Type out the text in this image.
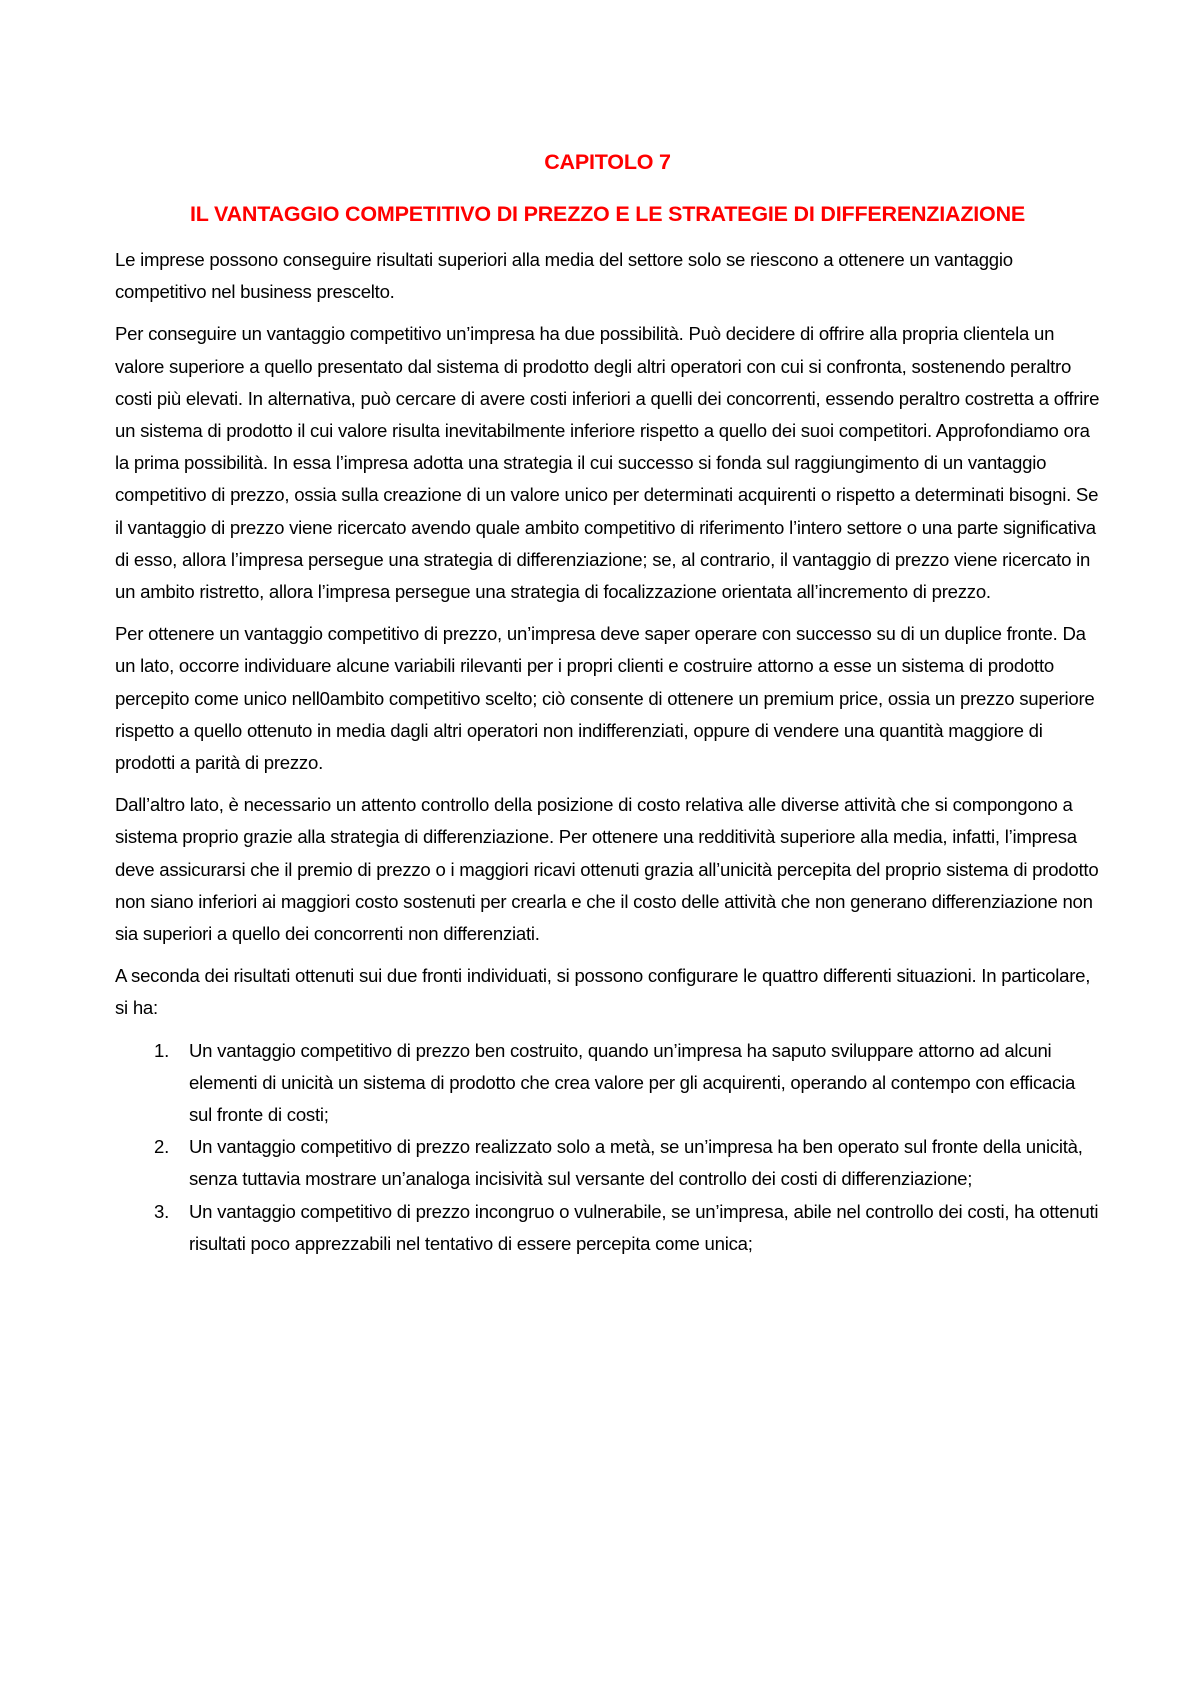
CAPITOLO 7
IL VANTAGGIO COMPETITIVO DI PREZZO E LE STRATEGIE DI DIFFERENZIAZIONE

Le imprese possono conseguire risultati superiori alla media del settore solo se riescono a ottenere un vantaggio competitivo nel business prescelto.

Per conseguire un vantaggio competitivo un’impresa ha due possibilità. Può decidere di offrire alla propria clientela un valore superiore a quello presentato dal sistema di prodotto degli altri operatori con cui si confronta, sostenendo peraltro costi più elevati. In alternativa, può cercare di avere costi inferiori a quelli dei concorrenti, essendo peraltro costretta a offrire un sistema di prodotto il cui valore risulta inevitabilmente inferiore rispetto a quello dei suoi competitori. Approfondiamo ora la prima possibilità. In essa l’impresa adotta una strategia il cui successo si fonda sul raggiungimento di un vantaggio competitivo di prezzo, ossia sulla creazione di un valore unico per determinati acquirenti o rispetto a determinati bisogni. Se il vantaggio di prezzo viene ricercato avendo quale ambito competitivo di riferimento l’intero settore o una parte significativa di esso, allora l’impresa persegue una strategia di differenziazione; se, al contrario, il vantaggio di prezzo viene ricercato in un ambito ristretto, allora l’impresa persegue una strategia di focalizzazione orientata all’incremento di prezzo.

Per ottenere un vantaggio competitivo di prezzo, un’impresa deve saper operare con successo su di un duplice fronte. Da un lato, occorre individuare alcune variabili rilevanti per i propri clienti e costruire attorno a esse un sistema di prodotto percepito come unico nell0ambito competitivo scelto; ciò consente di ottenere un premium price, ossia un prezzo superiore rispetto a quello ottenuto in media dagli altri operatori non indifferenziati, oppure di vendere una quantità maggiore di prodotti a parità di prezzo.

Dall’altro lato, è necessario un attento controllo della posizione di costo relativa alle diverse attività che si compongono a sistema proprio grazie alla strategia di differenziazione. Per ottenere una redditività superiore alla media, infatti, l’impresa deve assicurarsi che il premio di prezzo o i maggiori ricavi ottenuti grazia all’unicità percepita del proprio sistema di prodotto non siano inferiori ai maggiori costo sostenuti per crearla e che il costo delle attività che non generano differenziazione non sia superiori a quello dei concorrenti non differenziati.

A seconda dei risultati ottenuti sui due fronti individuati, si possono configurare le quattro differenti situazioni. In particolare, si ha:

1.	Un vantaggio competitivo di prezzo ben costruito, quando un’impresa ha saputo sviluppare attorno ad alcuni elementi di unicità un sistema di prodotto che crea valore per gli acquirenti, operando al contempo con efficacia sul fronte di costi;
2.	Un vantaggio competitivo di prezzo realizzato solo a metà, se un’impresa ha ben operato sul fronte della unicità, senza tuttavia mostrare un’analoga incisività sul versante del controllo dei costi di differenziazione;
3.	Un vantaggio competitivo di prezzo incongruo o vulnerabile, se un’impresa, abile nel controllo dei costi, ha ottenuti risultati poco apprezzabili nel tentativo di essere percepita come unica;
